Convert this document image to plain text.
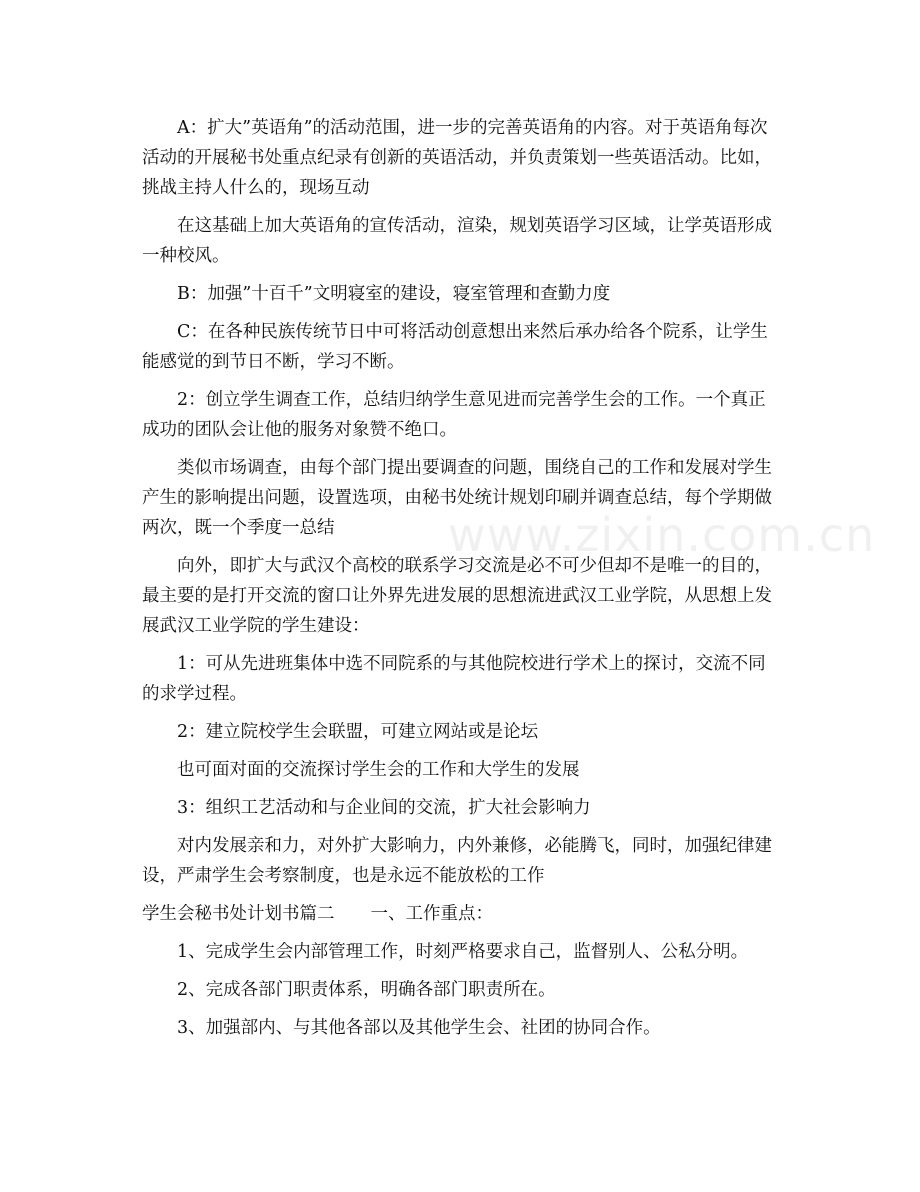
www.zixin.com.cn

A：扩大”英语角”的活动范围，进一步的完善英语角的内容。对于英语角每次活动的开展秘书处重点纪录有创新的英语活动，并负责策划一些英语活动。比如，挑战主持人什么的，现场互动

在这基础上加大英语角的宣传活动，渲染，规划英语学习区域，让学英语形成一种校风。

B：加强”十百千”文明寝室的建设，寝室管理和查勤力度

C：在各种民族传统节日中可将活动创意想出来然后承办给各个院系，让学生能感觉的到节日不断，学习不断。

2：创立学生调查工作，总结归纳学生意见进而完善学生会的工作。一个真正成功的团队会让他的服务对象赞不绝口。

类似市场调查，由每个部门提出要调查的问题，围绕自己的工作和发展对学生产生的影响提出问题，设置选项，由秘书处统计规划印刷并调查总结，每个学期做两次，既一个季度一总结

向外，即扩大与武汉个高校的联系学习交流是必不可少但却不是唯一的目的，最主要的是打开交流的窗口让外界先进发展的思想流进武汉工业学院，从思想上发展武汉工业学院的学生建设：

1：可从先进班集体中选不同院系的与其他院校进行学术上的探讨，交流不同的求学过程。

2：建立院校学生会联盟，可建立网站或是论坛

也可面对面的交流探讨学生会的工作和大学生的发展

3：组织工艺活动和与企业间的交流，扩大社会影响力

对内发展亲和力，对外扩大影响力，内外兼修，必能腾飞，同时，加强纪律建设，严肃学生会考察制度，也是永远不能放松的工作

学生会秘书处计划书篇二 一、工作重点：

1、完成学生会内部管理工作，时刻严格要求自己，监督别人、公私分明。

2、完成各部门职责体系，明确各部门职责所在。

3、加强部内、与其他各部以及其他学生会、社团的协同合作。
